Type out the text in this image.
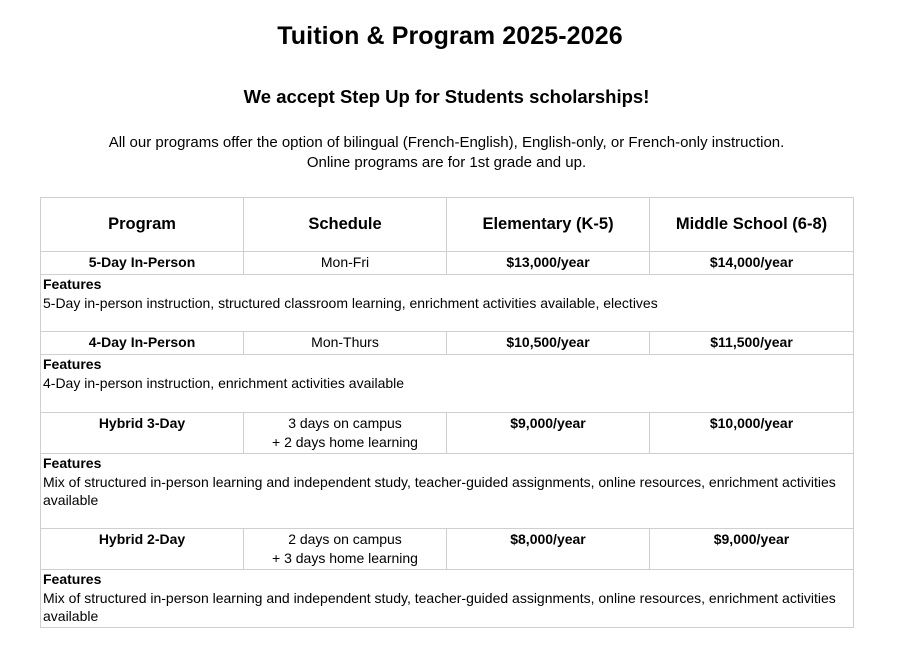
Tuition & Program 2025-2026
We accept Step Up for Students scholarships!
All our programs offer the option of bilingual (French-English), English-only, or French-only instruction.
Online programs are for 1st grade and up.
Program	Schedule	Elementary (K-5)	Middle School (6-8)
5-Day In-Person	Mon-Fri	$13,000/year	$14,000/year

Features
5-Day in-person instruction, structured classroom learning, enrichment activities available, electives			
4-Day In-Person	Mon-Thurs	$10,500/year	$11,500/year

Features
4-Day in-person instruction, enrichment activities available			
Hybrid 3-Day	3 days on campus
+ 2 days home learning	$9,000/year	$10,000/year

Features
Mix of structured in-person learning and independent study, teacher-guided assignments, online resources, enrichment activities available			
Hybrid 2-Day	2 days on campus
+ 3 days home learning	$8,000/year	$9,000/year

Features
Mix of structured in-person learning and independent study, teacher-guided assignments, online resources, enrichment activities available			
